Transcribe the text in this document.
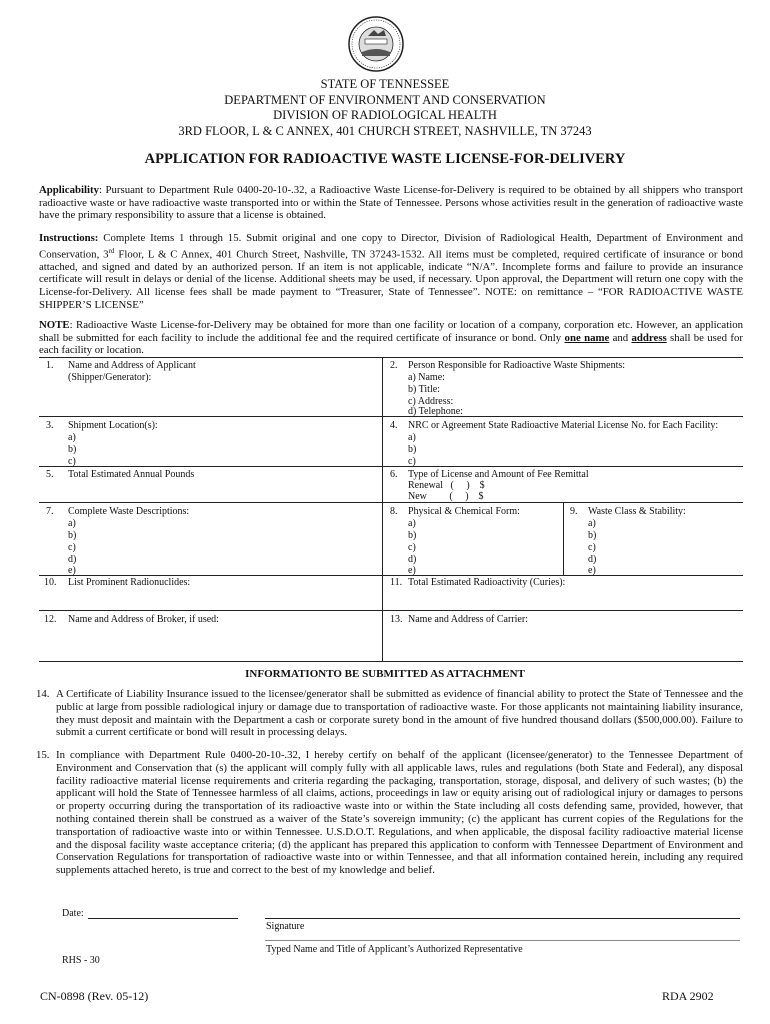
STATE OF TENNESSEE
DEPARTMENT OF ENVIRONMENT AND CONSERVATION
DIVISION OF RADIOLOGICAL HEALTH
3RD FLOOR, L & C ANNEX, 401 CHURCH STREET, NASHVILLE, TN 37243
APPLICATION FOR RADIOACTIVE WASTE LICENSE-FOR-DELIVERY
Applicability: Pursuant to Department Rule 0400-20-10-.32, a Radioactive Waste License-for-Delivery is required to be obtained by all shippers who transport radioactive waste or have radioactive waste transported into or within the State of Tennessee. Persons whose activities result in the generation of radioactive waste have the primary responsibility to assure that a license is obtained.
Instructions: Complete Items 1 through 15. Submit original and one copy to Director, Division of Radiological Health, Department of Environment and Conservation, 3rd Floor, L & C Annex, 401 Church Street, Nashville, TN 37243-1532. All items must be completed, required certificate of insurance or bond attached, and signed and dated by an authorized person. If an item is not applicable, indicate “N/A”. Incomplete forms and failure to provide an insurance certificate will result in delays or denial of the license. Additional sheets may be used, if necessary. Upon approval, the Department will return one copy with the License-for-Delivery. All license fees shall be made payment to “Treasurer, State of Tennessee”. NOTE: on remittance – “FOR RADIOACTIVE WASTE SHIPPER’S LICENSE”
NOTE: Radioactive Waste License-for-Delivery may be obtained for more than one facility or location of a company, corporation etc. However, an application shall be submitted for each facility to include the additional fee and the required certificate of insurance or bond. Only one name and address shall be used for each facility or location.
1. Name and Address of Applicant
(Shipper/Generator):
2. Person Responsible for Radioactive Waste Shipments:
a) Name:
b) Title:
c) Address:
d) Telephone:
3. Shipment Location(s):
a)
b)
c)
4. NRC or Agreement State Radioactive Material License No. for Each Facility:
a)
b)
c)
5. Total Estimated Annual Pounds	6. Type of License and Amount of Fee Remittal
Renewal   (     )    $
New         (     )    $
7. Complete Waste Descriptions:
a)
b)
c)
d)
e)
8. Physical & Chemical Form:
a)
b)
c)
d)
e)
9. Waste Class & Stability:
a)
b)
c)
d)
e)
10. List Prominent Radionuclides:	11. Total Estimated Radioactivity (Curies):
12. Name and Address of Broker, if used:	13. Name and Address of Carrier:
INFORMATIONTO BE SUBMITTED AS ATTACHMENT
14. A Certificate of Liability Insurance issued to the licensee/generator shall be submitted as evidence of financial ability to protect the State of Tennessee and the public at large from possible radiological injury or damage due to transportation of radioactive waste. For those applicants not maintaining liability insurance, they must deposit and maintain with the Department a cash or corporate surety bond in the amount of five hundred thousand dollars ($500,000.00). Failure to submit a current certificate or bond will result in processing delays.
15. In compliance with Department Rule 0400-20-10-.32, I hereby certify on behalf of the applicant (licensee/generator) to the Tennessee Department of Environment and Conservation that (s) the applicant will comply fully with all applicable laws, rules and regulations (both State and Federal), any disposal facility radioactive material license requirements and criteria regarding the packaging, transportation, storage, disposal, and delivery of such wastes; (b) the applicant will hold the State of Tennessee harmless of all claims, actions, proceedings in law or equity arising out of radiological injury or damages to persons or property occurring during the transportation of its radioactive waste into or within the State including all costs defending same, provided, however, that nothing contained therein shall be construed as a waiver of the State’s sovereign immunity; (c) the applicant has current copies of the Regulations for the transportation of radioactive waste into or within Tennessee. U.S.D.O.T. Regulations, and when applicable, the disposal facility radioactive material license and the disposal facility waste acceptance criteria; (d) the applicant has prepared this application to conform with Tennessee Department of Environment and Conservation Regulations for transportation of radioactive waste into or within Tennessee, and that all information contained herein, including any required supplements attached hereto, is true and correct to the best of my knowledge and belief.
Date:
Signature
Typed Name and Title of Applicant’s Authorized Representative
RHS - 30
CN-0898 (Rev. 05-12)	RDA 2902
